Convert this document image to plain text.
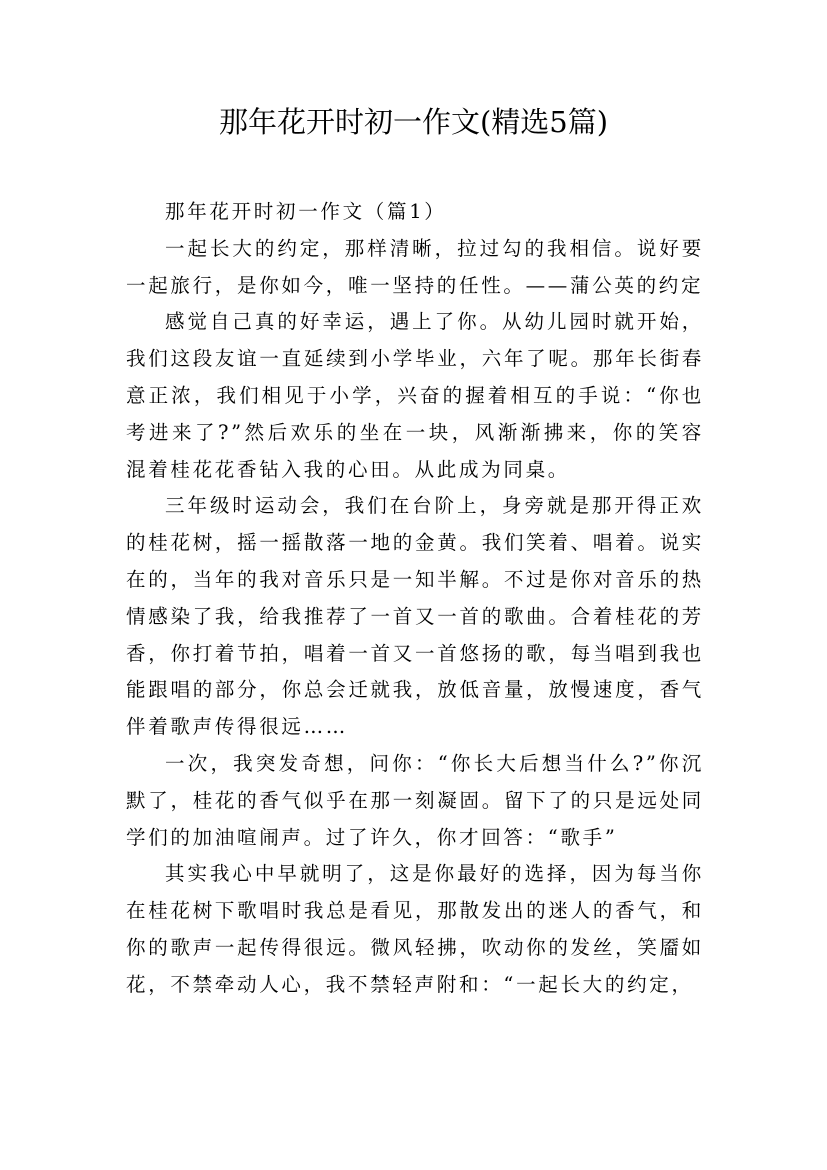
那年花开时初一作文(精选5篇)

那年花开时初一作文（篇1）

一起长大的约定，那样清晰，拉过勾的我相信。说好要一起旅行，是你如今，唯一坚持的任性。——蒲公英的约定

感觉自己真的好幸运，遇上了你。从幼儿园时就开始，我们这段友谊一直延续到小学毕业，六年了呢。那年长街春意正浓，我们相见于小学，兴奋的握着相互的手说：“你也考进来了?”然后欢乐的坐在一块，风渐渐拂来，你的笑容混着桂花花香钻入我的心田。从此成为同桌。

三年级时运动会，我们在台阶上，身旁就是那开得正欢的桂花树，摇一摇散落一地的金黄。我们笑着、唱着。说实在的，当年的我对音乐只是一知半解。不过是你对音乐的热情感染了我，给我推荐了一首又一首的歌曲。合着桂花的芳香，你打着节拍，唱着一首又一首悠扬的歌，每当唱到我也能跟唱的部分，你总会迁就我，放低音量，放慢速度，香气伴着歌声传得很远……

一次，我突发奇想，问你：“你长大后想当什么?”你沉默了，桂花的香气似乎在那一刻凝固。留下了的只是远处同学们的加油喧闹声。过了许久，你才回答：“歌手”

其实我心中早就明了，这是你最好的选择，因为每当你在桂花树下歌唱时我总是看见，那散发出的迷人的香气，和你的歌声一起传得很远。微风轻拂，吹动你的发丝，笑靥如花，不禁牵动人心，我不禁轻声附和：“一起长大的约定，
